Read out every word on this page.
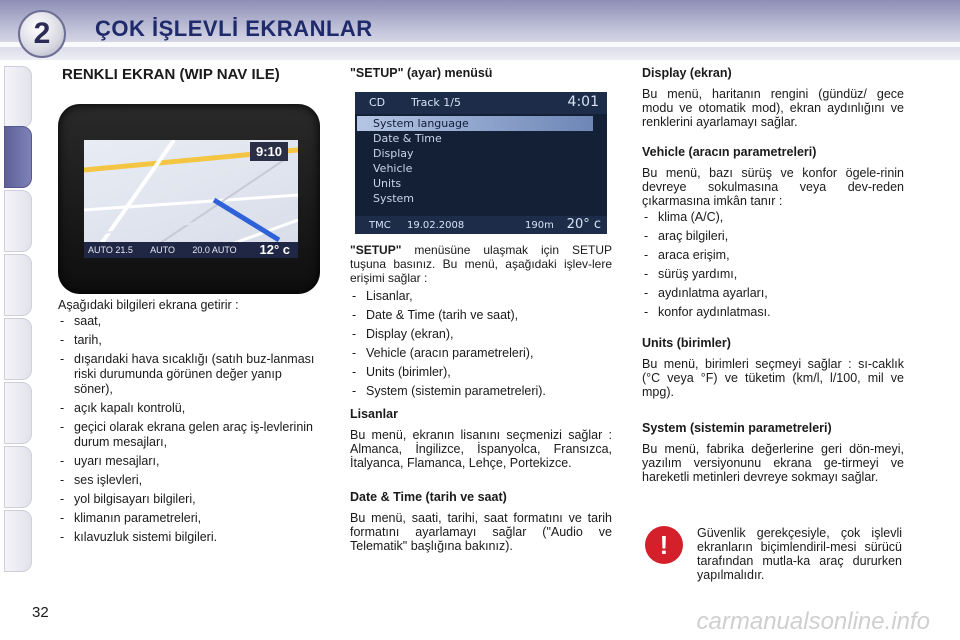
2	ÇOK İŞLEVLİ EKRANLAR
RENKLI EKRAN (WIP NAV ILE)
9:10
AUTO 21.5 AUTO 20.0 AUTO 12° c
Aşağıdaki bilgileri ekrana getirir :
- saat,
- tarih,
- dışarıdaki hava sıcaklığı (satıh buz-lanması riski durumunda görünen değer yanıp söner),
- açık kapalı kontrolü,
- geçici olarak ekrana gelen araç iş-levlerinin durum mesajları,
- uyarı mesajları,
- ses işlevleri,
- yol bilgisayarı bilgileri,
- klimanın parametreleri,
- kılavuzluk sistemi bilgileri.
"SETUP" (ayar) menüsü
CD Track 1/5	4:01
System language
Date & Time
Display
Vehicle
Units
System
TMC 19.02.2008	190m 20° c
"SETUP" menüsüne ulaşmak için SETUP tuşuna basınız. Bu menü, aşağıdaki işlev-lere erişimi sağlar :
- Lisanlar,
- Date & Time (tarih ve saat),
- Display (ekran),
- Vehicle (aracın parametreleri),
- Units (birimler),
- System (sistemin parametreleri).
Lisanlar
Bu menü, ekranın lisanını seçmenizi sağlar : Almanca, İngilizce, İspanyolca, Fransızca, İtalyanca, Flamanca, Lehçe, Portekizce.
Date & Time (tarih ve saat)
Bu menü, saati, tarihi, saat formatını ve tarih formatını ayarlamayı sağlar ("Audio ve Telematik" başlığına bakınız).
Display (ekran)
Bu menü, haritanın rengini (gündüz/ gece modu ve otomatik mod), ekran aydınlığını ve renklerini ayarlamayı sağlar.
Vehicle (aracın parametreleri)
Bu menü, bazı sürüş ve konfor ögele-rinin devreye sokulmasına veya dev-reden çıkarmasına imkân tanır :
- klima (A/C),
- araç bilgileri,
- araca erişim,
- sürüş yardımı,
- aydınlatma ayarları,
- konfor aydınlatması.
Units (birimler)
Bu menü, birimleri seçmeyi sağlar : sı-caklık (°C veya °F) ve tüketim (km/l, l/100, mil ve mpg).
System (sistemin parametreleri)
Bu menü, fabrika değerlerine geri dön-meyi, yazılım versiyonunu ekrana ge-tirmeyi ve hareketli metinleri devreye sokmayı sağlar.
!	Güvenlik gerekçesiyle, çok işlevli ekranların biçimlendiril-mesi sürücü tarafından mutla-ka araç dururken yapılmalıdır.
32	carmanualsonline.info
